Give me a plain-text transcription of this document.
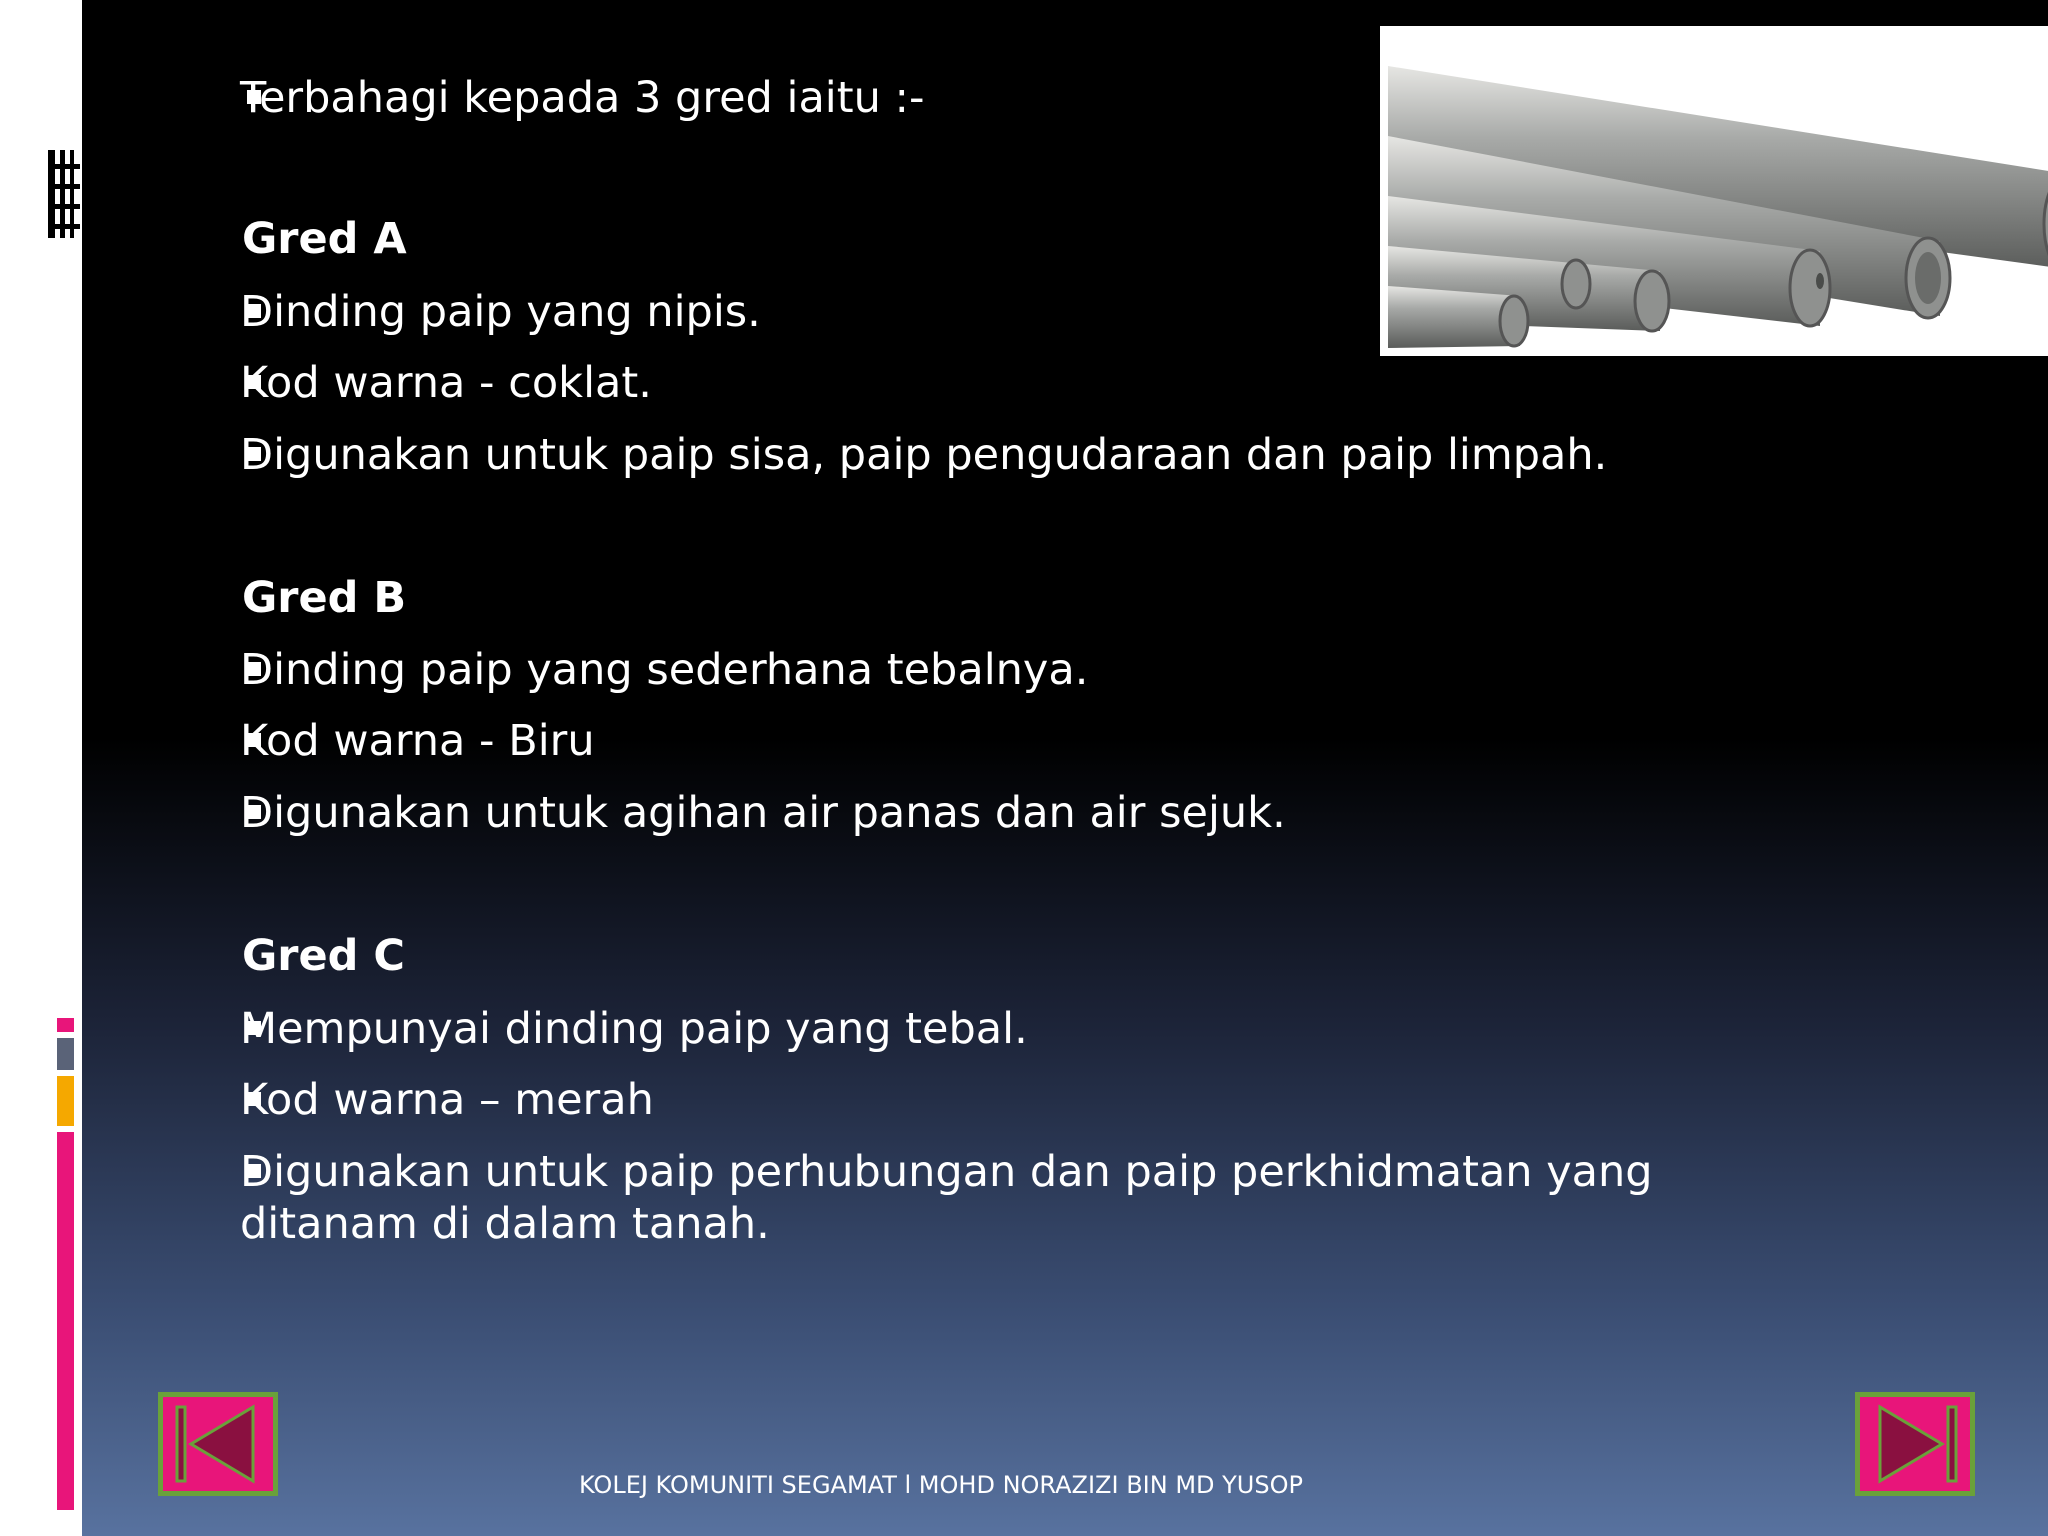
Terbahagi kepada 3 gred iaitu :-
Gred A
Dinding paip yang nipis.
Kod warna - coklat.
Digunakan untuk paip sisa, paip pengudaraan dan paip limpah.
Gred B
Dinding paip yang sederhana tebalnya.
Kod warna - Biru
Digunakan untuk agihan air panas dan air sejuk.
Gred C
Mempunyai dinding paip yang tebal.
Kod warna – merah
Digunakan untuk paip perhubungan dan paip perkhidmatan yang
ditanam di dalam tanah.
KOLEJ KOMUNITI SEGAMAT l MOHD NORAZIZI BIN MD YUSOP
